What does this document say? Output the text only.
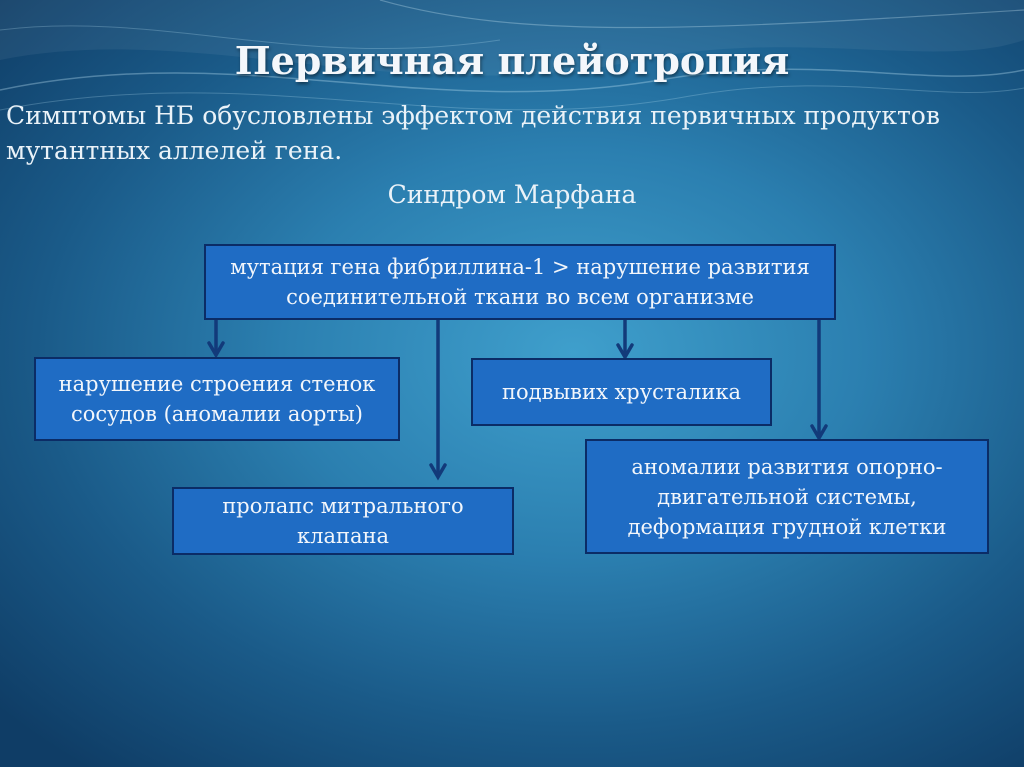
Первичная плейотропия
Симптомы НБ обусловлены эффектом действия первичных продуктов мутантных аллелей гена.
Синдром Марфана
мутация гена фибриллина-1 > нарушение развития
соединительной ткани во всем организме
нарушение строения стенок
сосудов (аномалии аорты)
подвывих хрусталика
аномалии развития опорно-
двигательной системы,
деформация грудной клетки
пролапс митрального клапана
